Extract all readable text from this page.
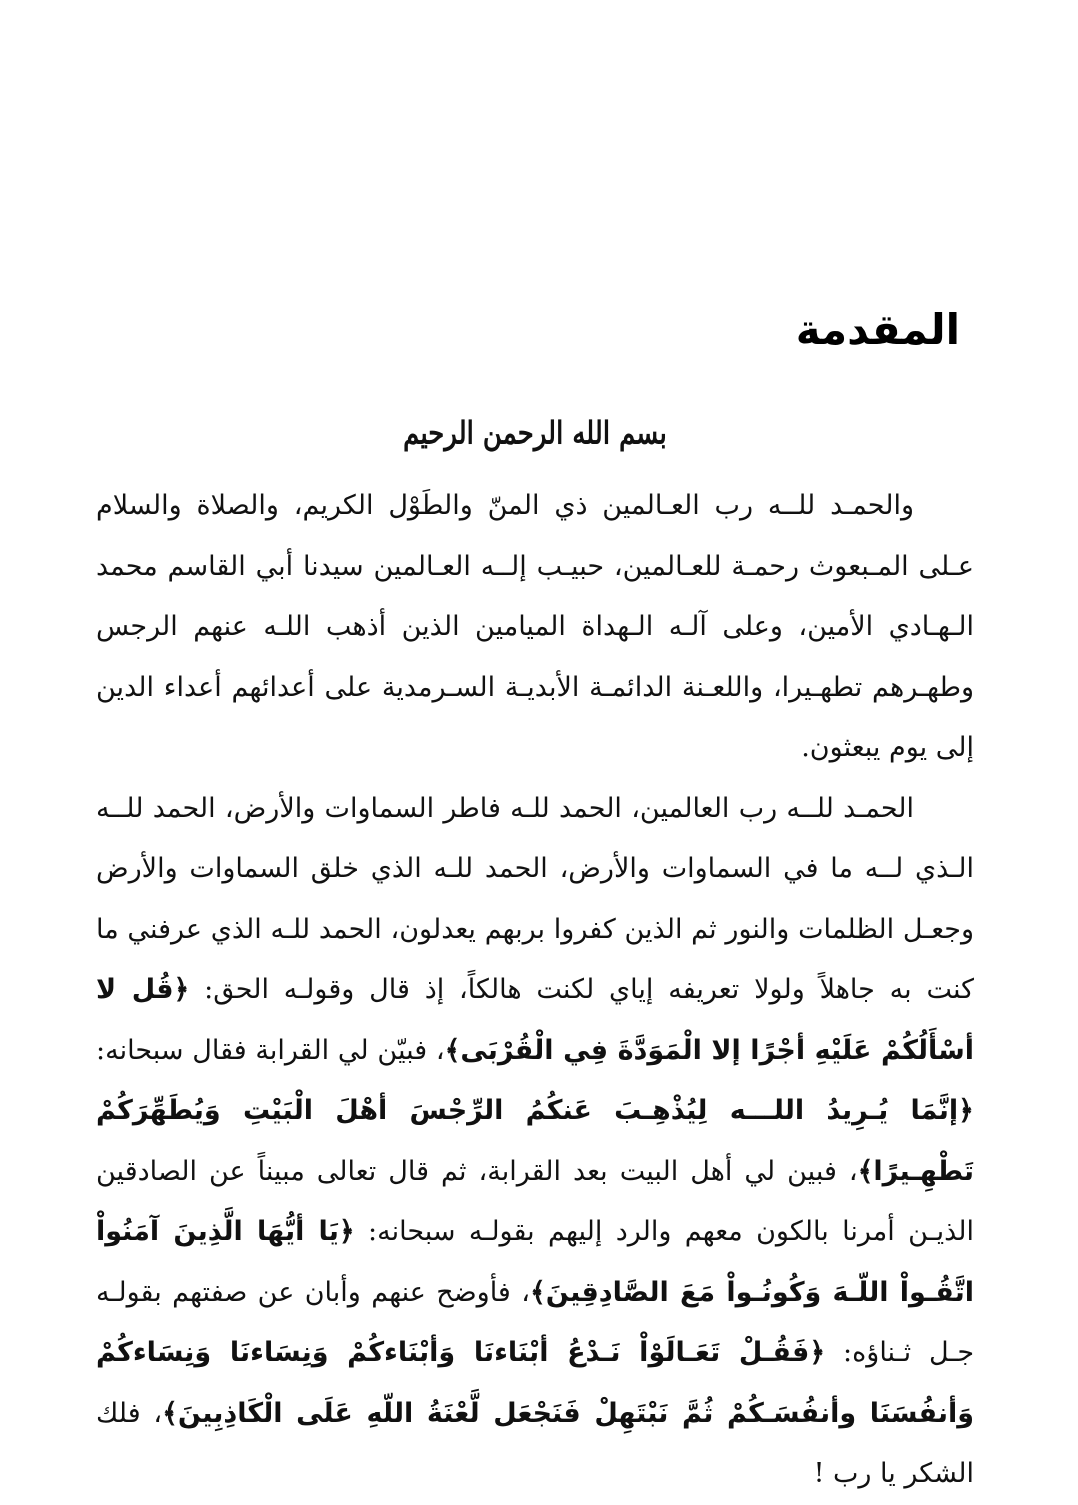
المقدمة
بسم الله الرحمن الرحيم

والحمـد للــه رب العـالمين ذي المنّ والطَوْل الكريم، والصلاة والسلام عـلى المـبعوث رحمـة للعـالمين، حبيـب إلــه العـالمين سيدنا أبي القاسم محمد الـهـادي الأمين، وعلى آلـه الـهداة الميامين الذين أذهب اللـه عنهم الرجس وطهـرهم تطهـيرا، واللعـنة الدائمـة الأبديـة السـرمدية على أعدائهم أعداء الدين إلى يوم يبعثون.

الحمـد للــه رب العالمين، الحمد للـه فاطر السماوات والأرض، الحمد للــه الـذي لــه ما في السماوات والأرض، الحمد للـه الذي خلق السماوات والأرض وجعـل الظلمات والنور ثم الذين كفروا بربهم يعدلون، الحمد للـه الذي عرفني ما كنت به جاهلاً ولولا تعريفه إياي لكنت هالكاً، إذ قال وقولـه الحق: ﴿قُل لا أسْأَلُكُمْ عَلَيْهِ أجْرًا إلا الْمَوَدَّةَ فِي الْقُرْبَى﴾، فبيّن لي القرابة فقال سبحانه: ﴿إنَّمَا يُـرِيدُ اللـــه لِيُذْهِـبَ عَنكُمُ الرِّجْسَ أهْلَ الْبَيْتِ وَيُطَهِّرَكُمْ تَطْهِـيرًا﴾، فبين لي أهل البيت بعد القرابة، ثم قال تعالى مبيناً عن الصادقين الذيـن أمرنا بالكون معهم والرد إليهم بقولـه سبحانه: ﴿يَا أيُّهَا الَّذِينَ آمَنُواْ اتَّقُـواْ اللّـهَ وَكُونُـواْ مَعَ الصَّادِقِينَ﴾، فأوضح عنهم وأبان عن صفتهم بقولـه جـل ثـناؤه: ﴿فَقُـلْ تَعَـالَوْاْ نَـدْعُ أبْنَاءنَا وَأبْنَاءكُمْ وَنِسَاءنَا وَنِسَاءكُمْ وَأنفُسَنَا وأنفُسَـكُمْ ثُمَّ نَبْتَهِلْ فَنَجْعَل لَّعْنَةُ اللّهِ عَلَى الْكَاذِبِينَ﴾، فلك الشكر يا رب !
